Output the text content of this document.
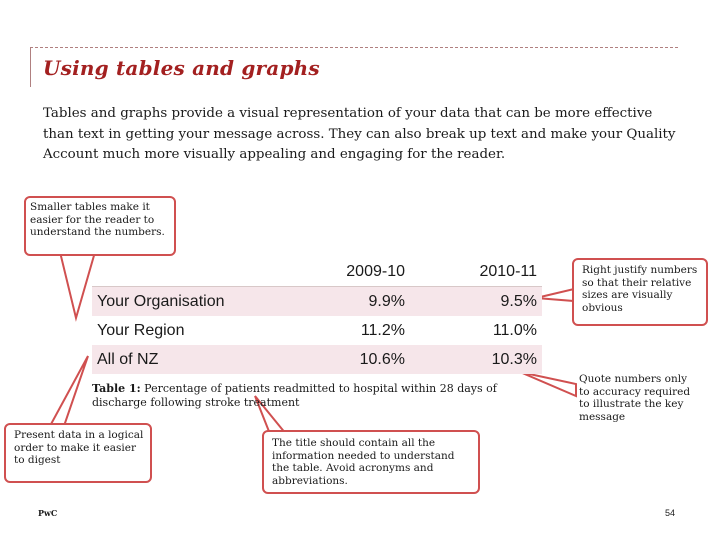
Using tables and graphs

Tables and graphs provide a visual representation of your data that can be more effective than text in getting your message across. They can also break up text and make your Quality Account much more visually appealing and engaging for the reader.

Smaller tables make it easier for the reader to understand the numbers.
Right justify numbers so that their relative sizes are visually obvious
Quote numbers only to accuracy required to illustrate the key message
Present data in a logical order to make it easier to digest
The title should contain all the information needed to understand the table. Avoid acronyms and abbreviations.
	2009-10	2010-11
Your Organisation	9.9%	9.5%
Your Region	11.2%	11.0%
All of NZ	10.6%	10.3%

Table 1: Percentage of patients readmitted to hospital within 28 days of discharge following stroke treatment

PwC	54
